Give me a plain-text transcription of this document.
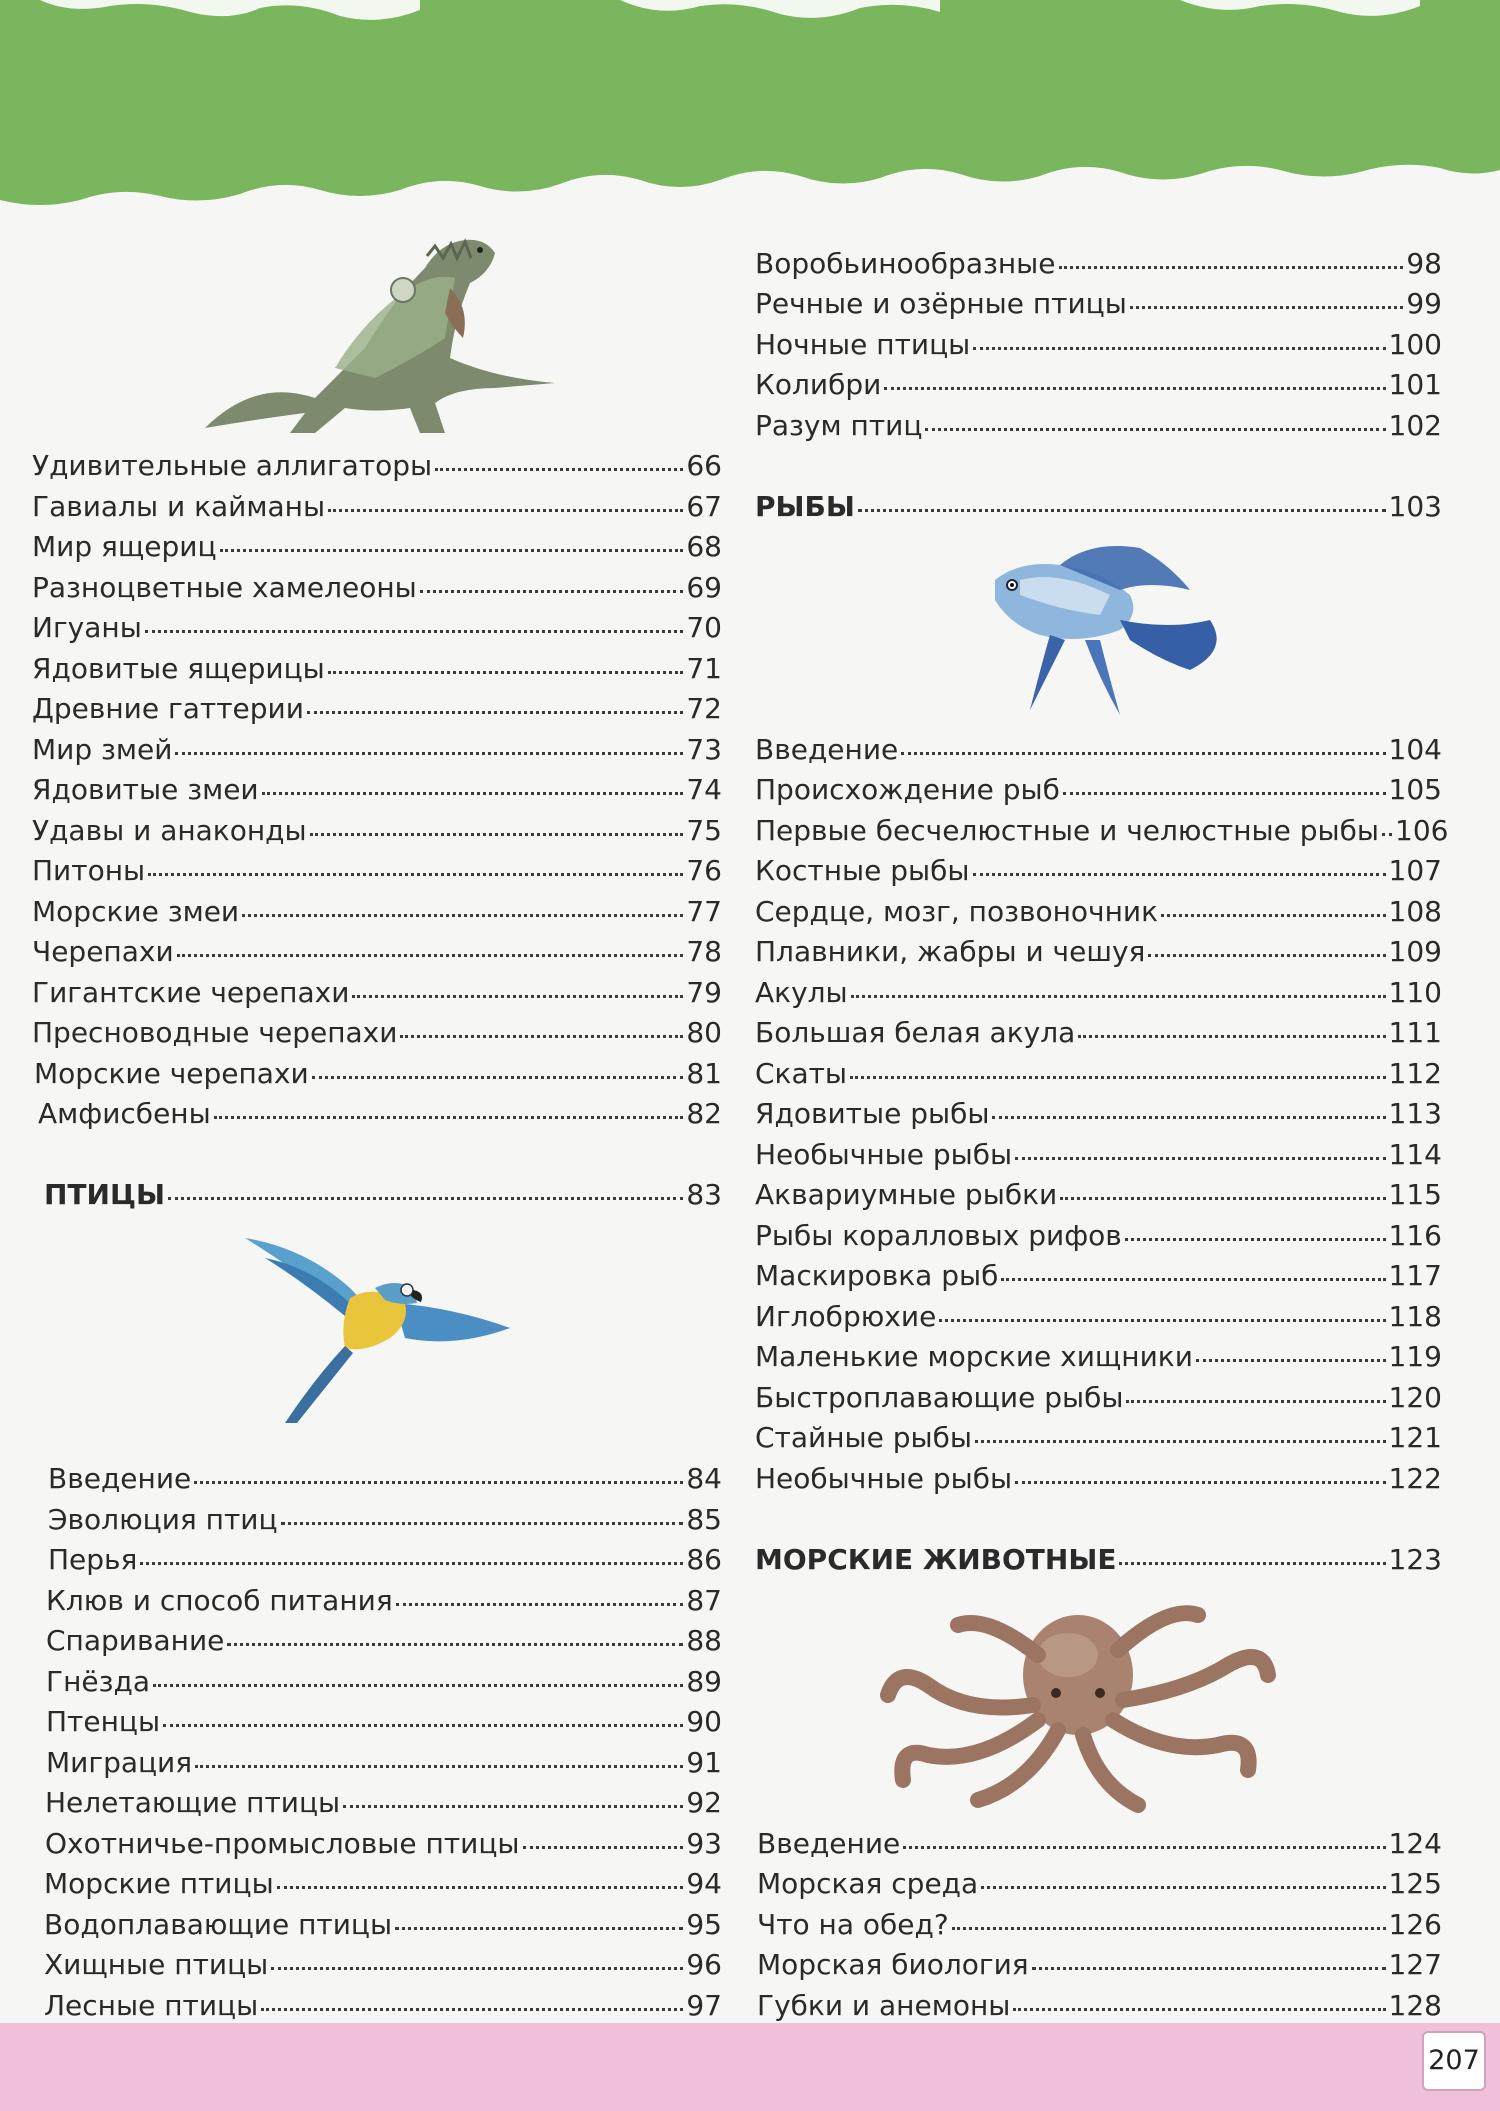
Удивительные аллигаторы	66
Гавиалы и кайманы	67
Мир ящериц	68
Разноцветные хамелеоны	69
Игуаны	70
Ядовитые ящерицы	71
Древние гаттерии	72
Мир змей	73
Ядовитые змеи	74
Удавы и анаконды	75
Питоны	76
Морские змеи	77
Черепахи	78
Гигантские черепахи	79
Пресноводные черепахи	80
Морские черепахи	81
Амфисбены	82
ПТИЦЫ	83
Введение	84
Эволюция птиц	85
Перья	86
Клюв и способ питания	87
Спаривание	88
Гнёзда	89
Птенцы	90
Миграция	91
Нелетающие птицы	92
Охотничье-промысловые птицы	93
Морские птицы	94
Водоплавающие птицы	95
Хищные птицы	96
Лесные птицы	97
Воробьинообразные	98
Речные и озёрные птицы	99
Ночные птицы	100
Колибри	101
Разум птиц	102
РЫБЫ	103
Введение	104
Происхождение рыб	105
Первые бесчелюстные и челюстные рыбы 106
Костные рыбы	107
Сердце, мозг, позвоночник	108
Плавники, жабры и чешуя	109
Акулы	110
Большая белая акула	111
Скаты	112
Ядовитые рыбы	113
Необычные рыбы	114
Аквариумные рыбки	115
Рыбы коралловых рифов	116
Маскировка рыб	117
Иглобрюхие	118
Маленькие морские хищники	119
Быстроплавающие рыбы	120
Стайные рыбы	121
Необычные рыбы	122
МОРСКИЕ ЖИВОТНЫЕ	123
Введение	124
Морская среда	125
Что на обед?	126
Морская биология	127
Губки и анемоны	128
207
